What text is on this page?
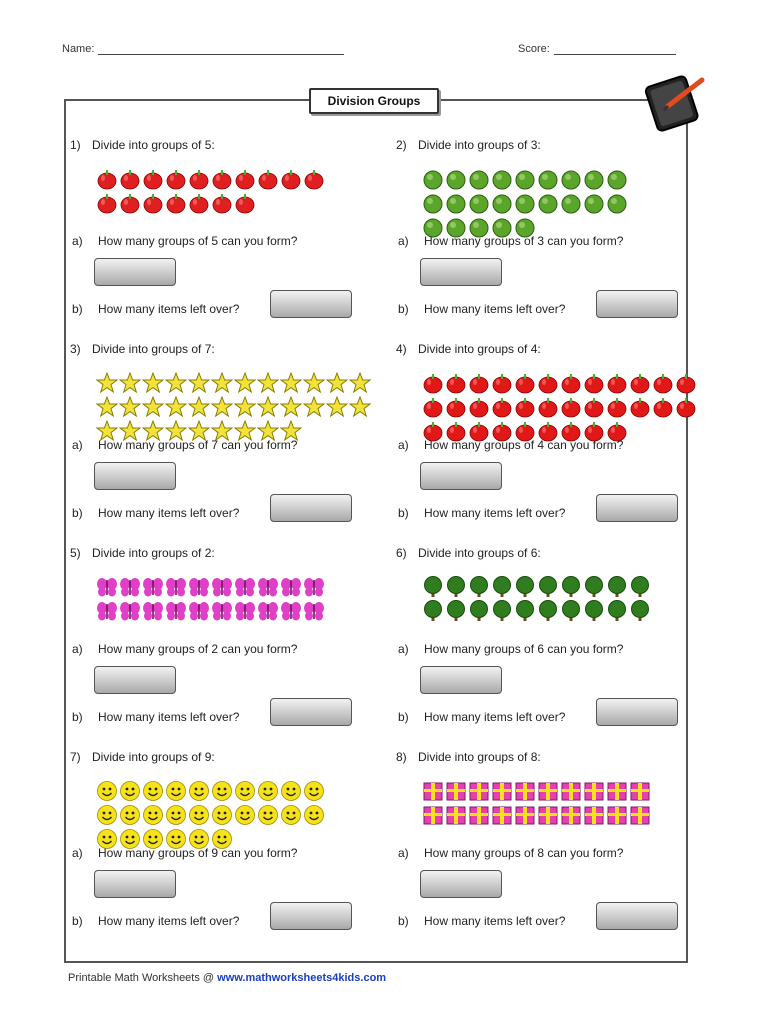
Name:	Score:
Division Groups
1) Divide into groups of 5:
a) How many groups of 5 can you form?
b) How many items left over?
2) Divide into groups of 3:
a) How many groups of 3 can you form?
b) How many items left over?
3) Divide into groups of 7:
a) How many groups of 7 can you form?
b) How many items left over?
4) Divide into groups of 4:
a) How many groups of 4 can you form?
b) How many items left over?
5) Divide into groups of 2:
a) How many groups of 2 can you form?
b) How many items left over?
6) Divide into groups of 6:
a) How many groups of 6 can you form?
b) How many items left over?
7) Divide into groups of 9:
a) How many groups of 9 can you form?
b) How many items left over?
8) Divide into groups of 8:
a) How many groups of 8 can you form?
b) How many items left over?
Printable Math Worksheets @ www.mathworksheets4kids.com
